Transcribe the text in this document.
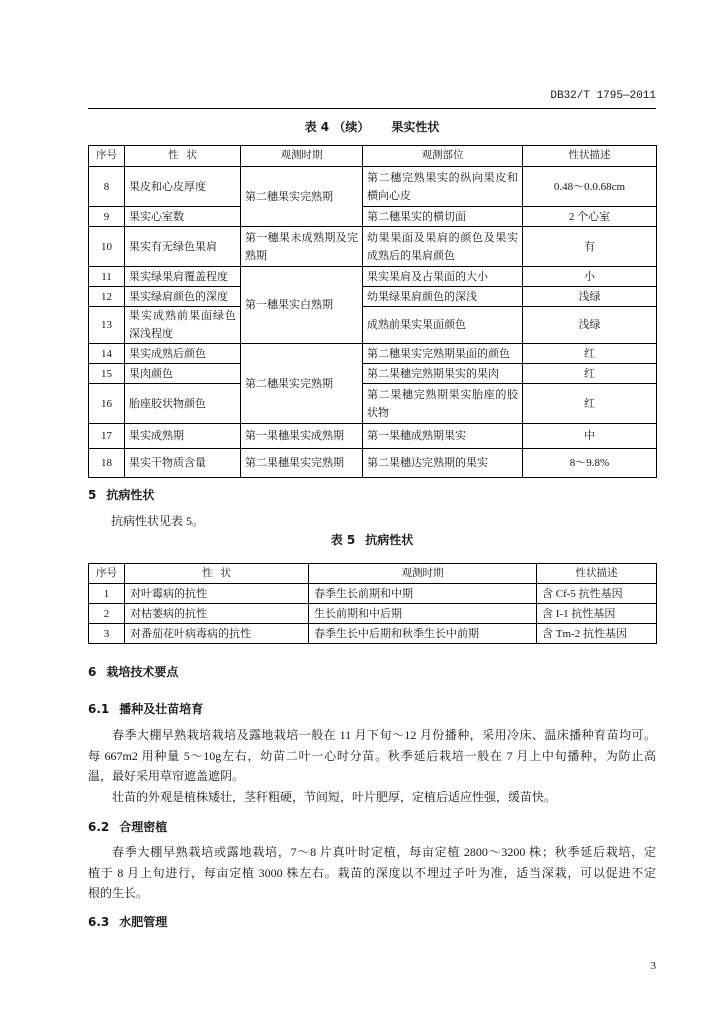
DB32/T 1795—2011
表 4 （续） 果实性状
序号	性   状	观测时期	观测部位	性状描述
8	果皮和心皮厚度	第二穗果实完熟期	第二穗完熟果实的纵向果皮和横向心皮	0.48～0.0.68cm
9	果实心室数		第二穗果实的横切面	2 个心室
10	果实有无绿色果肩	第一穗果未成熟期及完熟期	幼果果面及果肩的颜色及果实成熟后的果肩颜色	有
11	果实绿果肩覆盖程度	第一穗果实白熟期	果实果肩及占果面的大小	小
12	果实绿肩颜色的深度		幼果绿果肩颜色的深浅	浅绿
13	果实成熟前果面绿色深浅程度		成熟前果实果面颜色	浅绿
14	果实成熟后颜色	第二穗果实完熟期	第二穗果实完熟期果面的颜色	红
15	果肉颜色		第二果穗完熟期果实的果肉	红
16	胎座胶状物颜色		第二果穗完熟期果实胎座的胶状物	红
17	果实成熟期	第一果穗果实成熟期	第一果穗成熟期果实	中
18	果实干物质含量	第二果穗果实完熟期	第二果穗达完熟期的果实	8～9.8%
5 抗病性状
抗病性状见表 5。
表 5 抗病性状
序号	性   状	观测时期	性状描述
1	对叶霉病的抗性	春季生长前期和中期	含 Cf-5 抗性基因
2	对枯萎病的抗性	生长前期和中后期	含 I-1 抗性基因
3	对番茄花叶病毒病的抗性	春季生长中后期和秋季生长中前期	含 Tm-2 抗性基因
6 栽培技术要点
6.1 播种及壮苗培育
春季大棚早熟栽培栽培及露地栽培一般在 11 月下旬～12 月份播种，采用冷床、温床播种育苗均可。
每 667m2 用种量 5～10g左右，幼苗二叶一心时分苗。秋季延后栽培一般在 7 月上中旬播种，为防止高
温，最好采用草帘遮盖遮阴。
壮苗的外观是植株矮壮，茎秆粗硬，节间短，叶片肥厚，定植后适应性强，缓苗快。
6.2 合理密植
春季大棚早熟栽培或露地栽培，7～8 片真叶时定植，每亩定植 2800～3200 株；秋季延后栽培，定
植于 8 月上旬进行，每亩定植 3000 株左右。栽苗的深度以不埋过子叶为准，适当深栽，可以促进不定
根的生长。
6.3 水肥管理
3
